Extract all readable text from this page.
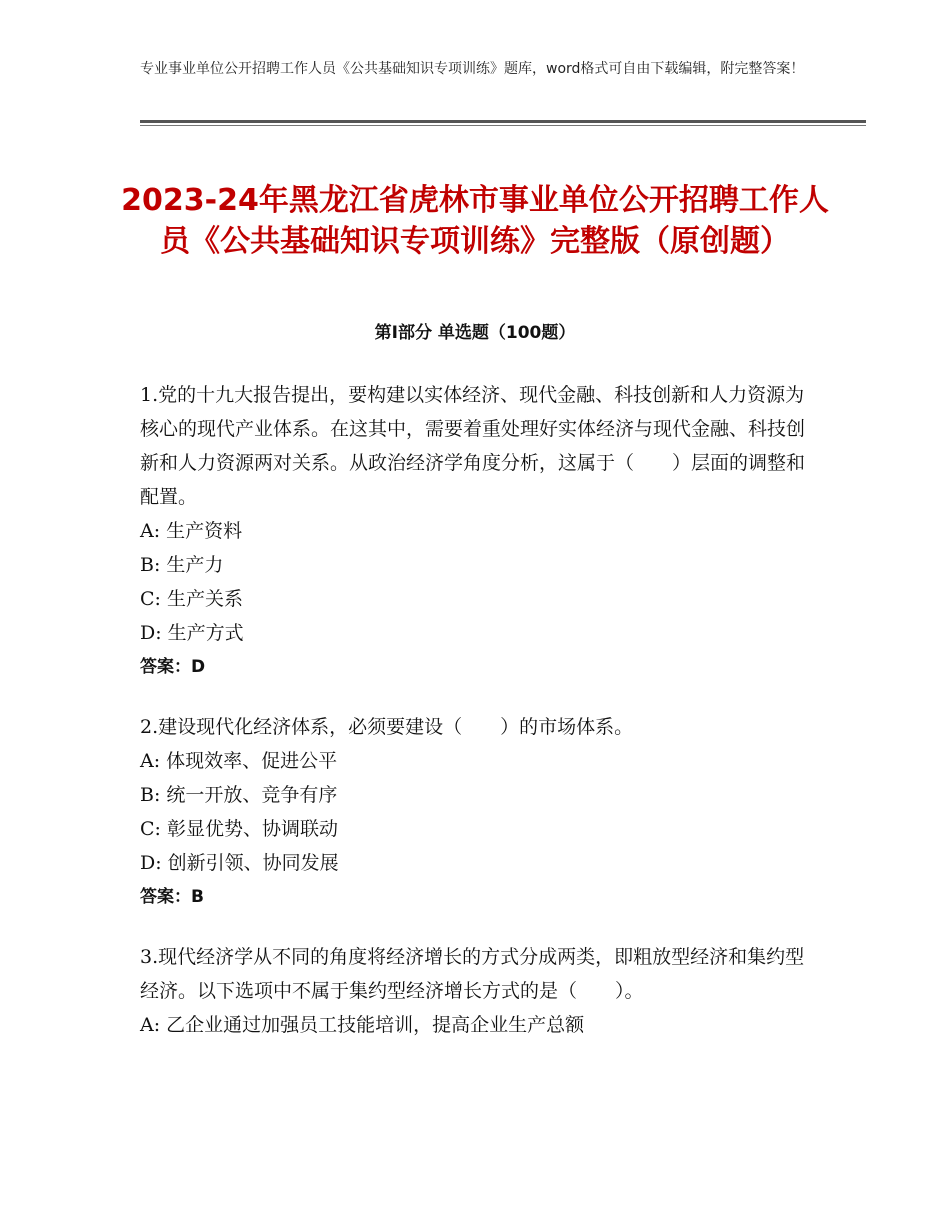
专业事业单位公开招聘工作人员《公共基础知识专项训练》题库，word格式可自由下载编辑，附完整答案！
2023-24年黑龙江省虎林市事业单位公开招聘工作人员《公共基础知识专项训练》完整版（原创题）
第Ⅰ部分 单选题（100题）

1.党的十九大报告提出，要构建以实体经济、现代金融、科技创新和人力资源为核心的现代产业体系。在这其中，需要着重处理好实体经济与现代金融、科技创新和人力资源两对关系。从政治经济学角度分析，这属于（　　）层面的调整和配置。

A: 生产资料

B: 生产力

C: 生产关系

D: 生产方式

答案：D

2.建设现代化经济体系，必须要建设（　　）的市场体系。

A: 体现效率、促进公平

B: 统一开放、竞争有序

C: 彰显优势、协调联动

D: 创新引领、协同发展

答案：B

3.现代经济学从不同的角度将经济增长的方式分成两类，即粗放型经济和集约型经济。以下选项中不属于集约型经济增长方式的是（　　）。

A: 乙企业通过加强员工技能培训，提高企业生产总额
